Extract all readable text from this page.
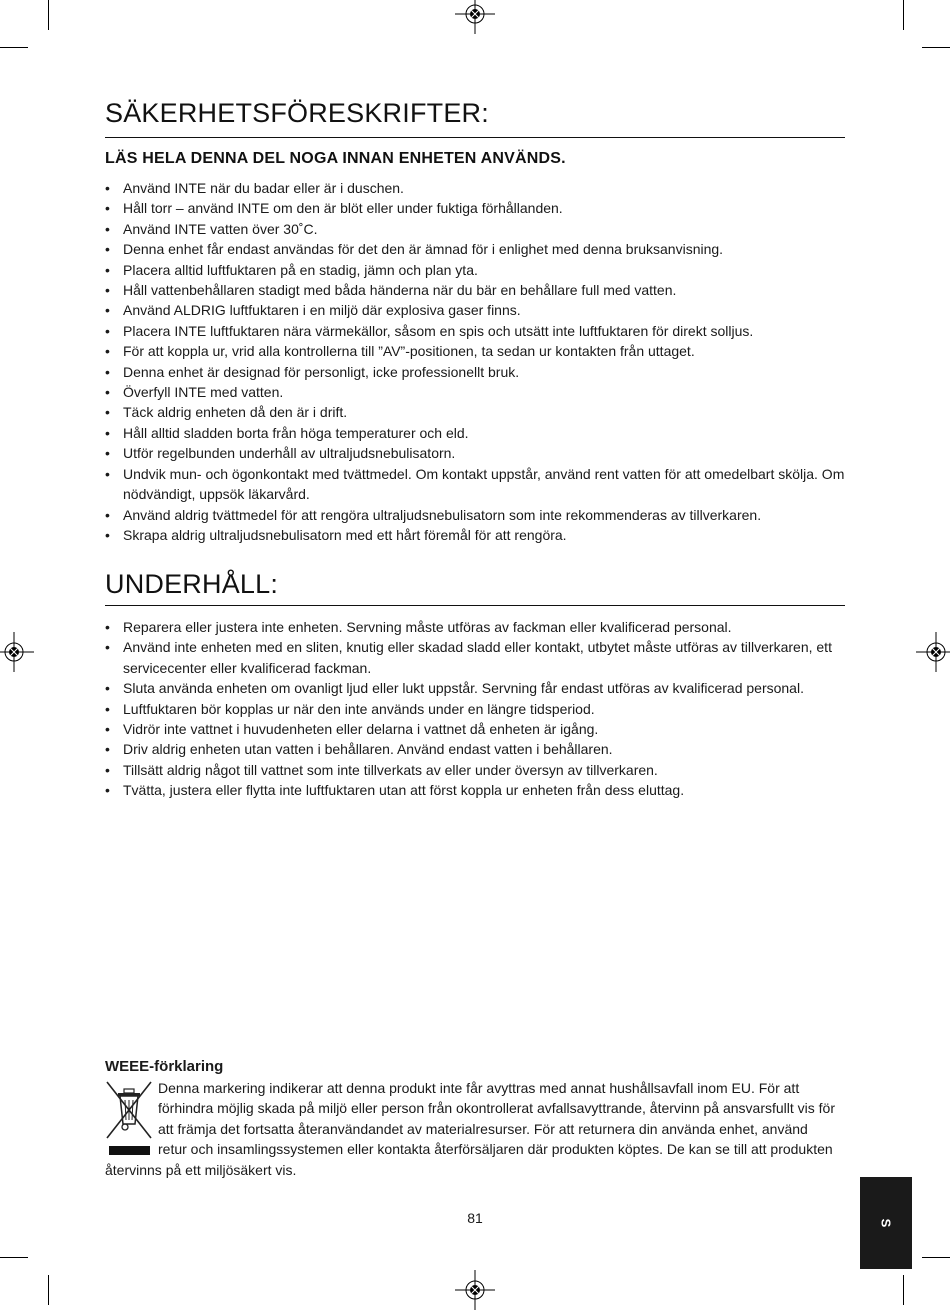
SÄKERHETSFÖRESKRIFTER:
LÄS HELA DENNA DEL NOGA INNAN ENHETEN ANVÄNDS.
• Använd INTE när du badar eller är i duschen.
• Håll torr – använd INTE om den är blöt eller under fuktiga förhållanden.
• Använd INTE vatten över 30˚C.
• Denna enhet får endast användas för det den är ämnad för i enlighet med denna bruksanvisning.
• Placera alltid luftfuktaren på en stadig, jämn och plan yta.
• Håll vattenbehållaren stadigt med båda händerna när du bär en behållare full med vatten.
• Använd ALDRIG luftfuktaren i en miljö där explosiva gaser finns.
• Placera INTE luftfuktaren nära värmekällor, såsom en spis och utsätt inte luftfuktaren för direkt solljus.
• För att koppla ur, vrid alla kontrollerna till ”AV”-positionen, ta sedan ur kontakten från uttaget.
• Denna enhet är designad för personligt, icke professionellt bruk.
• Överfyll INTE med vatten.
• Täck aldrig enheten då den är i drift.
• Håll alltid sladden borta från höga temperaturer och eld.
• Utför regelbunden underhåll av ultraljudsnebulisatorn.
• Undvik mun- och ögonkontakt med tvättmedel. Om kontakt uppstår, använd rent vatten för att omedelbart skölja. Om nödvändigt, uppsök läkarvård.
• Använd aldrig tvättmedel för att rengöra ultraljudsnebulisatorn som inte rekommenderas av tillverkaren.
• Skrapa aldrig ultraljudsnebulisatorn med ett hårt föremål för att rengöra.
UNDERHÅLL:
• Reparera eller justera inte enheten. Servning måste utföras av fackman eller kvalificerad personal.
• Använd inte enheten med en sliten, knutig eller skadad sladd eller kontakt, utbytet måste utföras av tillverkaren, ett servicecenter eller kvalificerad fackman.
• Sluta använda enheten om ovanligt ljud eller lukt uppstår. Servning får endast utföras av kvalificerad personal.
• Luftfuktaren bör kopplas ur när den inte används under en längre tidsperiod.
• Vidrör inte vattnet i huvudenheten eller delarna i vattnet då enheten är igång.
• Driv aldrig enheten utan vatten i behållaren. Använd endast vatten i behållaren.
• Tillsätt aldrig något till vattnet som inte tillverkats av eller under översyn av tillverkaren.
• Tvätta, justera eller flytta inte luftfuktaren utan att först koppla ur enheten från dess eluttag.
WEEE-förklaring
Denna markering indikerar att denna produkt inte får avyttras med annat hushållsavfall inom EU. För att förhindra möjlig skada på miljö eller person från okontrollerat avfallsavyttrande, återvinn på ansvarsfullt vis för att främja det fortsatta återanvändandet av materialresurser. För att returnera din använda enhet, använd retur och insamlingssystemen eller kontakta återförsäljaren där produkten köptes. De kan se till att produkten återvinns på ett miljösäkert vis.
81	S
